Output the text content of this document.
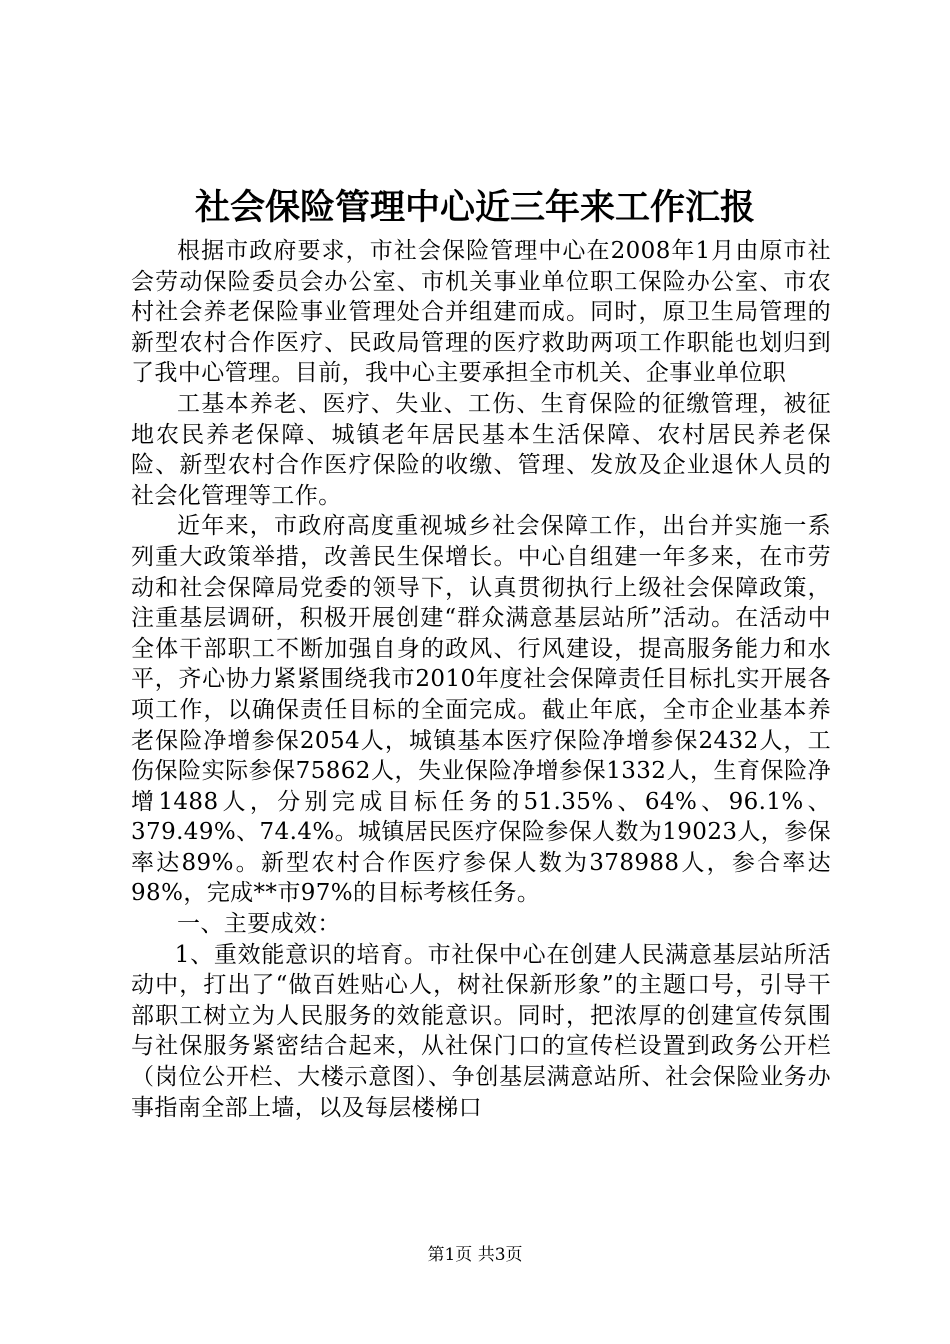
社会保险管理中心近三年来工作汇报

根据市政府要求，市社会保险管理中心在2008年1月由原市社会劳动保险委员会办公室、市机关事业单位职工保险办公室、市农村社会养老保险事业管理处合并组建而成。同时，原卫生局管理的新型农村合作医疗、民政局管理的医疗救助两项工作职能也划归到了我中心管理。目前，我中心主要承担全市机关、企事业单位职

工基本养老、医疗、失业、工伤、生育保险的征缴管理，被征地农民养老保障、城镇老年居民基本生活保障、农村居民养老保险、新型农村合作医疗保险的收缴、管理、发放及企业退休人员的社会化管理等工作。

近年来，市政府高度重视城乡社会保障工作，出台并实施一系列重大政策举措，改善民生保增长。中心自组建一年多来，在市劳动和社会保障局党委的领导下，认真贯彻执行上级社会保障政策，注重基层调研，积极开展创建“群众满意基层站所”活动。在活动中全体干部职工不断加强自身的政风、行风建设，提高服务能力和水平，齐心协力紧紧围绕我市2010年度社会保障责任目标扎实开展各项工作，以确保责任目标的全面完成。截止年底，全市企业基本养老保险净增参保2054人，城镇基本医疗保险净增参保2432人，工伤保险实际参保75862人，失业保险净增参保1332人，生育保险净增1488人，分别完成目标任务的51.35%、64%、96.1%、379.49%、74.4%。城镇居民医疗保险参保人数为19023人，参保率达89%。新型农村合作医疗参保人数为378988人，参合率达98%，完成**市97%的目标考核任务。

一、主要成效：

1、重效能意识的培育。市社保中心在创建人民满意基层站所活动中，打出了“做百姓贴心人，树社保新形象”的主题口号，引导干部职工树立为人民服务的效能意识。同时，把浓厚的创建宣传氛围与社保服务紧密结合起来，从社保门口的宣传栏设置到政务公开栏（岗位公开栏、大楼示意图）、争创基层满意站所、社会保险业务办事指南全部上墙，以及每层楼梯口

第1页 共3页
